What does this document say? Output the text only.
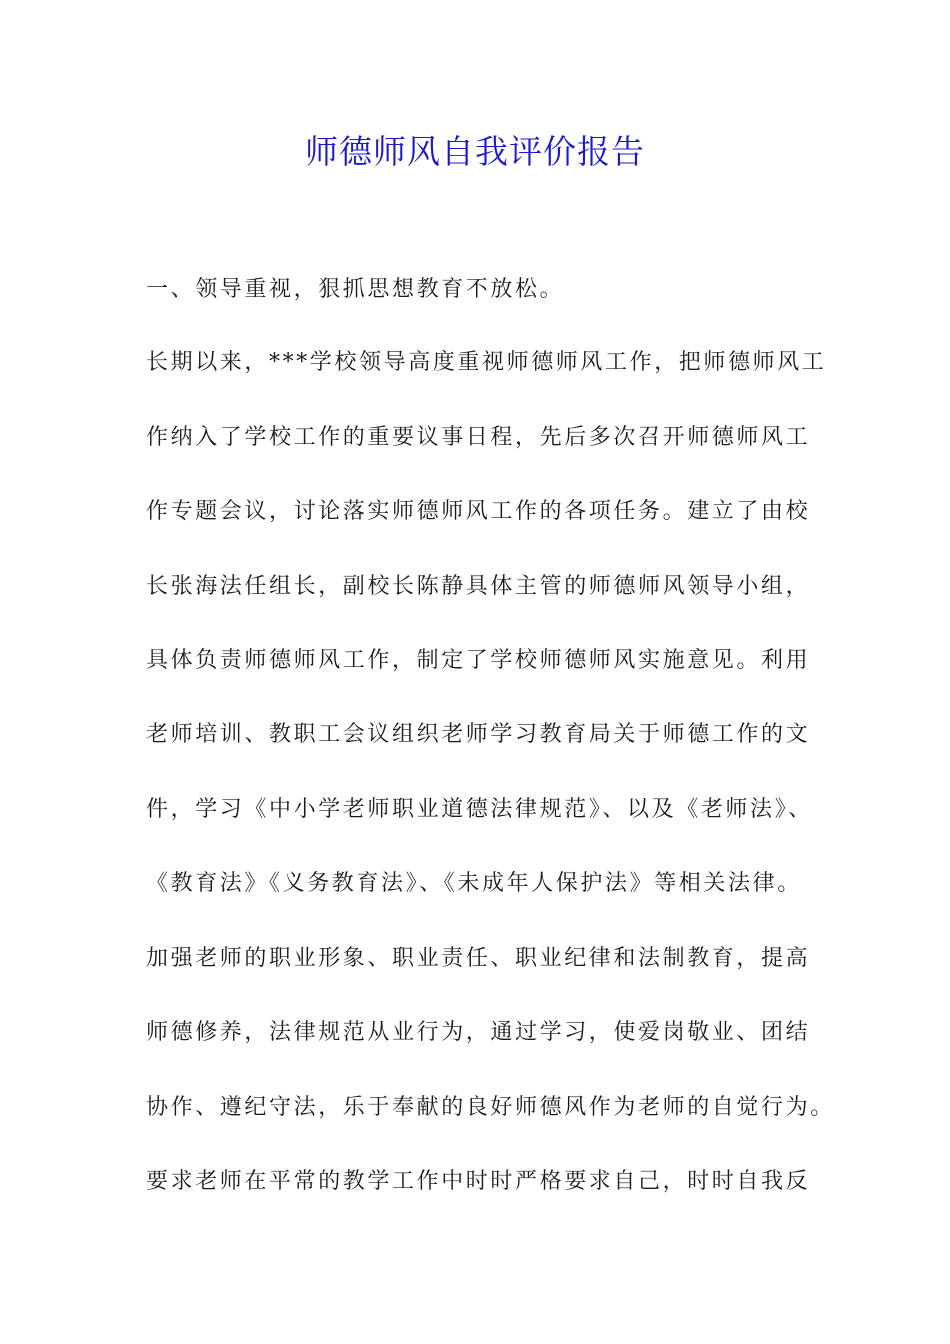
师德师风自我评价报告
一、领导重视，狠抓思想教育不放松。
长期以来，***学校领导高度重视师德师风工作，把师德师风工
作纳入了学校工作的重要议事日程，先后多次召开师德师风工
作专题会议，讨论落实师德师风工作的各项任务。建立了由校
长张海法任组长，副校长陈静具体主管的师德师风领导小组，
具体负责师德师风工作，制定了学校师德师风实施意见。利用
老师培训、教职工会议组织老师学习教育局关于师德工作的文
件，学习《中小学老师职业道德法律规范》、以及《老师法》、
《教育法》《义务教育法》、《未成年人保护法》等相关法律。
加强老师的职业形象、职业责任、职业纪律和法制教育，提高
师德修养，法律规范从业行为，通过学习，使爱岗敬业、团结
协作、遵纪守法，乐于奉献的良好师德风作为老师的自觉行为。
要求老师在平常的教学工作中时时严格要求自己，时时自我反
